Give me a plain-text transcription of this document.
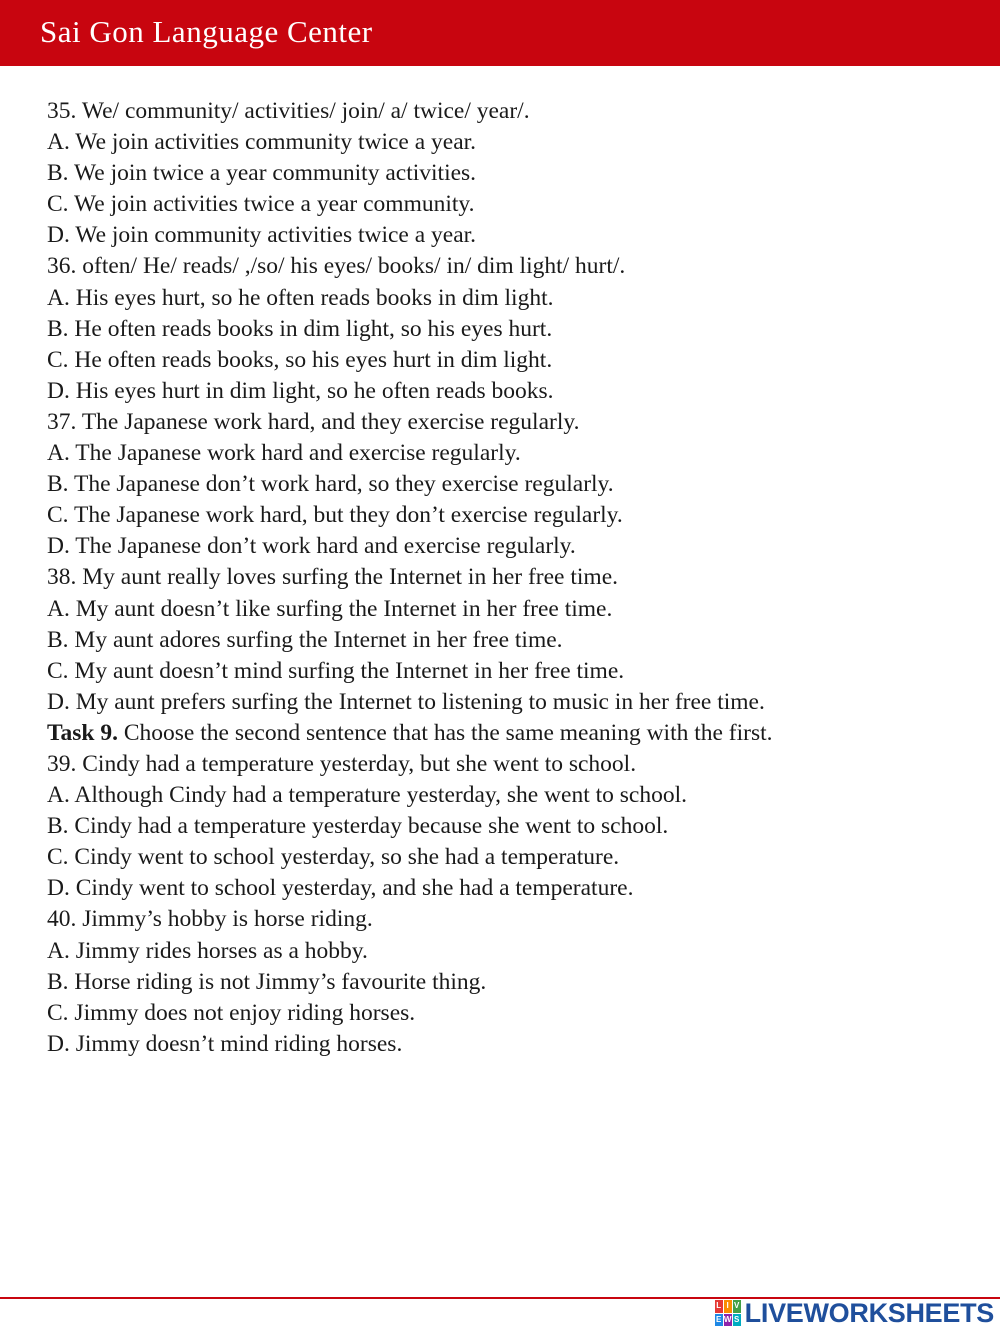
Sai Gon Language Center
35. We/ community/ activities/ join/ a/ twice/ year/.
A. We join activities community twice a year.
B. We join twice a year community activities.
C. We join activities twice a year community.
D. We join community activities twice a year.
36. often/ He/ reads/ ,/so/ his eyes/ books/ in/ dim light/ hurt/.
A. His eyes hurt, so he often reads books in dim light.
B. He often reads books in dim light, so his eyes hurt.
C. He often reads books, so his eyes hurt in dim light.
D. His eyes hurt in dim light, so he often reads books.
37. The Japanese work hard, and they exercise regularly.
A. The Japanese work hard and exercise regularly.
B. The Japanese don’t work hard, so they exercise regularly.
C. The Japanese work hard, but they don’t exercise regularly.
D. The Japanese don’t work hard and exercise regularly.
38. My aunt really loves surfing the Internet in her free time.
A. My aunt doesn’t like surfing the Internet in her free time.
B. My aunt adores surfing the Internet in her free time.
C. My aunt doesn’t mind surfing the Internet in her free time.
D. My aunt prefers surfing the Internet to listening to music in her free time.
Task 9. Choose the second sentence that has the same meaning with the first.
39. Cindy had a temperature yesterday, but she went to school.
A. Although Cindy had a temperature yesterday, she went to school.
B. Cindy had a temperature yesterday because she went to school.
C. Cindy went to school yesterday, so she had a temperature.
D. Cindy went to school yesterday, and she had a temperature.
40. Jimmy’s hobby is horse riding.
A. Jimmy rides horses as a hobby.
B. Horse riding is not Jimmy’s favourite thing.
C. Jimmy does not enjoy riding horses.
D. Jimmy doesn’t mind riding horses.
L I V
E W S LIVEWORKSHEETS
